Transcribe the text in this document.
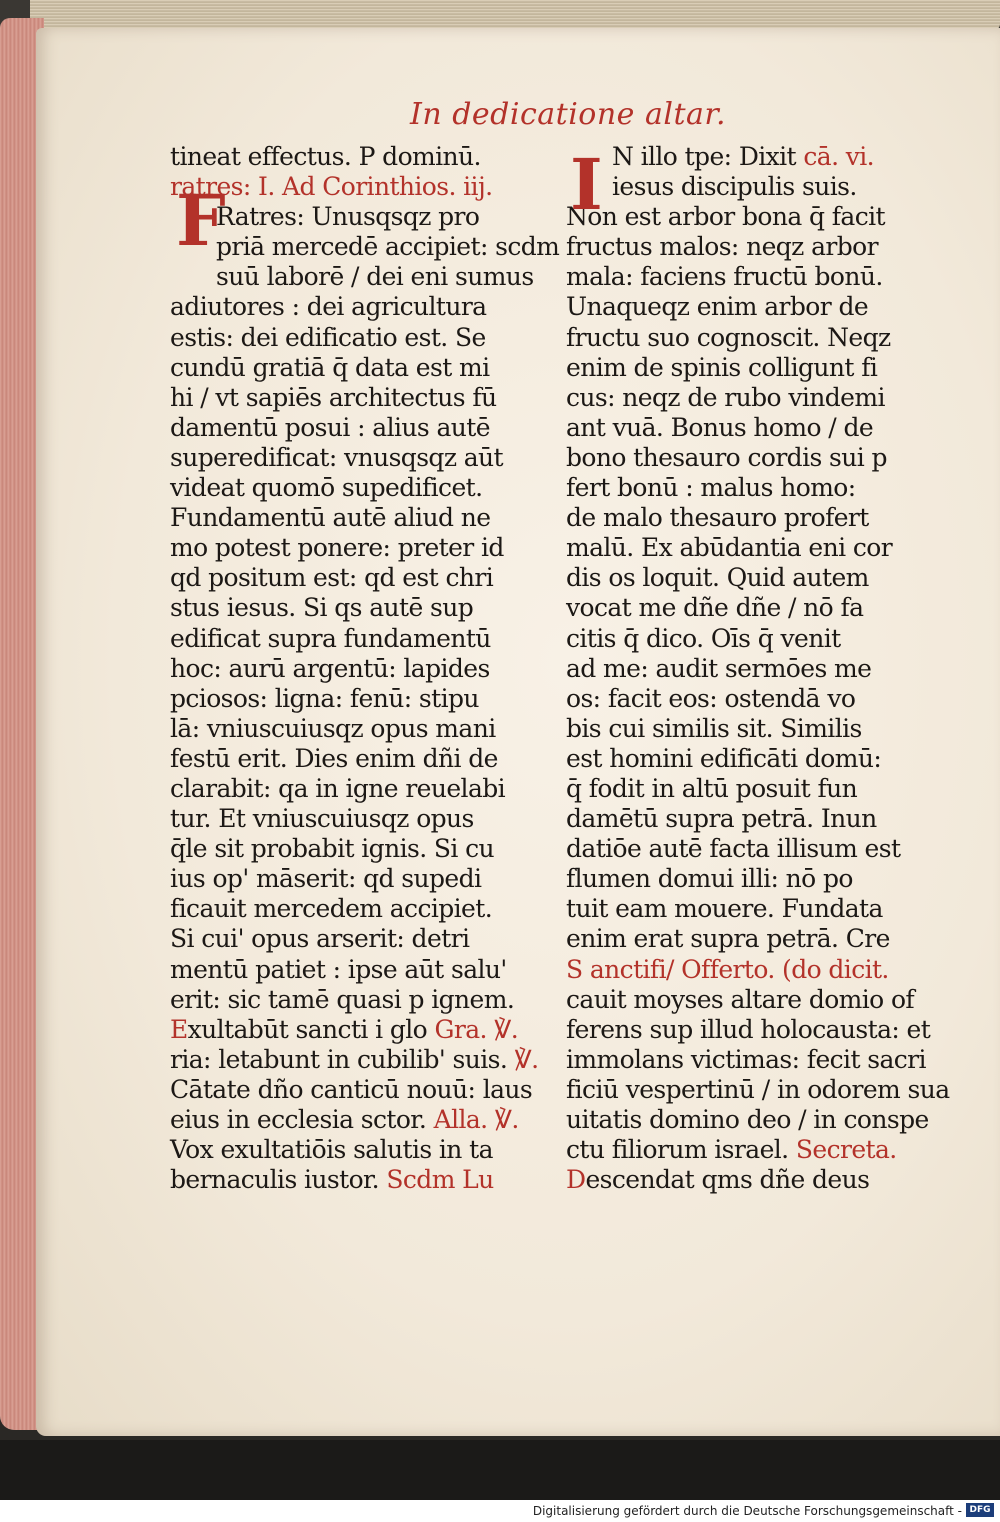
In dedicatione altar.
tineat effectus. P dominū.
ratres: I. Ad Corinthios. iij.
Ratres: Unusqsqz pro
priā mercedē accipiet: scdm
suū laborē / dei eni sumus
adiutores : dei agricultura
estis: dei edificatio est. Se
cundū gratiā q̄ data est mi
hi / vt sapiēs architectus fū
damentū posui : alius autē
superedificat: vnusqsqz aūt
videat quomō supedificet.
Fundamentū autē aliud ne
mo potest ponere: preter id
qd positum est: qd est chri
stus iesus. Si qs autē sup
edificat supra fundamentū
hoc: aurū argentū: lapides
pciosos: ligna: fenū: stipu
lā: vniuscuiusqz opus mani
festū erit. Dies enim dñi de
clarabit: qa in igne reuelabi
tur. Et vniuscuiusqz opus
q̄le sit probabit ignis. Si cu
ius op' māserit: qd supedi
ficauit mercedem accipiet.
Si cui' opus arserit: detri
mentū patiet : ipse aūt salu'
erit: sic tamē quasi p ignem.
Exultabūt sancti i glo Gra. ℣.
ria: letabunt in cubilib' suis. ℣.
Cātate dño canticū nouū: laus
eius in ecclesia sctor. Alla. ℣.
Vox exultatiōis salutis in ta
bernaculis iustor. Scdm Lu
N illo tpe: Dixit cā. vi.
iesus discipulis suis.
Non est arbor bona q̄ facit
fructus malos: neqz arbor
mala: faciens fructū bonū.
Unaqueqz enim arbor de
fructu suo cognoscit. Neqz
enim de spinis colligunt fi
cus: neqz de rubo vindemi
ant vuā. Bonus homo / de
bono thesauro cordis sui p
fert bonū : malus homo:
de malo thesauro profert
malū. Ex abūdantia eni cor
dis os loquit. Quid autem
vocat me dñe dñe / nō fa
citis q̄ dico. Oīs q̄ venit
ad me: audit sermōes me
os: facit eos: ostendā vo
bis cui similis sit. Similis
est homini edificāti domū:
q̄ fodit in altū posuit fun
damētū supra petrā. Inun
datiōe autē facta illisum est
flumen domui illi: nō po
tuit eam mouere. Fundata
enim erat supra petrā. Cre
S anctifi/ Offerto. (do dicit.
cauit moyses altare domio of
ferens sup illud holocausta: et
immolans victimas: fecit sacri
ficiū vespertinū / in odorem sua
uitatis domino deo / in conspe
ctu filiorum israel. Secreta.
Descendat qms dñe deus
Digitalisierung gefördert durch die Deutsche Forschungsgemeinschaft - DFG
F	I
